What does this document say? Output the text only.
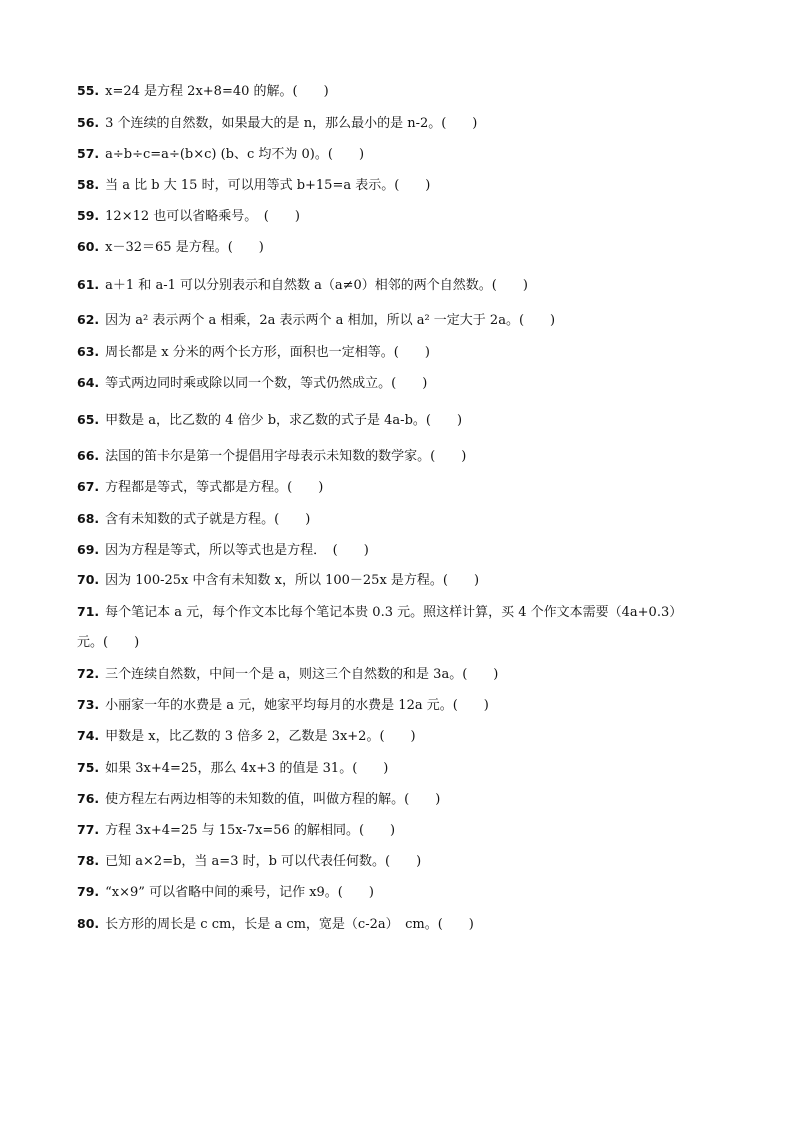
55. x=24 是方程 2x+8=40 的解。(　　)
56. 3 个连续的自然数，如果最大的是 n，那么最小的是 n-2。(　　)
57. a÷b÷c=a÷(b×c) (b、c 均不为 0)。(　　)
58. 当 a 比 b 大 15 时，可以用等式 b+15=a 表示。(　　)
59. 12×12 也可以省略乘号。　(　　)
60. x－32＝65 是方程。(　　)
61. a＋1 和 a-1 可以分别表示和自然数 a（a≠0）相邻的两个自然数。(　　)
62. 因为 a² 表示两个 a 相乘，2a 表示两个 a 相加，所以 a² 一定大于 2a。(　　)
63. 周长都是 x 分米的两个长方形，面积也一定相等。(　　)
64. 等式两边同时乘或除以同一个数，等式仍然成立。(　　)
65. 甲数是 a，比乙数的 4 倍少 b，求乙数的式子是 4a-b。(　　)
66. 法国的笛卡尔是第一个提倡用字母表示未知数的数学家。(　　)
67. 方程都是等式，等式都是方程。(　　)
68. 含有未知数的式子就是方程。(　　)
69. 因为方程是等式，所以等式也是方程．　(　　)
70. 因为 100-25x 中含有未知数 x，所以 100－25x 是方程。(　　)
71. 每个笔记本 a 元，每个作文本比每个笔记本贵 0.3 元。照这样计算，买 4 个作文本需要（4a+0.3）元。(　　)
72. 三个连续自然数，中间一个是 a，则这三个自然数的和是 3a。(　　)
73. 小丽家一年的水费是 a 元，她家平均每月的水费是 12a 元。(　　)
74. 甲数是 x，比乙数的 3 倍多 2，乙数是 3x+2。(　　)
75. 如果 3x+4=25，那么 4x+3 的值是 31。(　　)
76. 使方程左右两边相等的未知数的值，叫做方程的解。(　　)
77. 方程 3x+4=25 与 15x-7x=56 的解相同。(　　)
78. 已知 a×2=b，当 a=3 时，b 可以代表任何数。(　　)
79. “x×9” 可以省略中间的乘号，记作 x9。(　　)
80. 长方形的周长是 c cm，长是 a cm，宽是（c-2a）　cm。(　　)
